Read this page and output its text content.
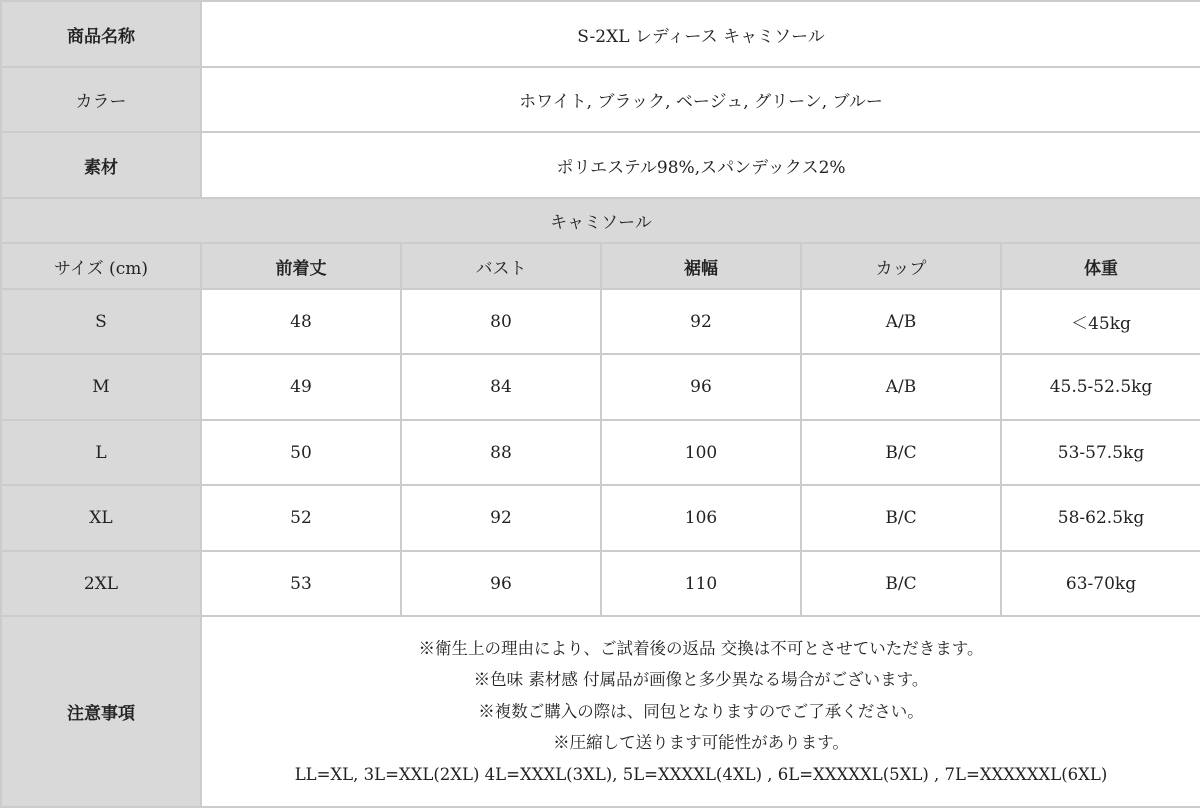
商品名称	S-2XL レディース キャミソール				
カラー	ホワイト, ブラック, ベージュ, グリーン, ブルー				
素材	ポリエステル98%,スパンデックス2%				
キャミソール					
サイズ (cm)	前着丈	バスト	裾幅	カップ	体重
S	48	80	92	A/B	＜45kg
M	49	84	96	A/B	45.5-52.5kg
L	50	88	100	B/C	53-57.5kg
XL	52	92	106	B/C	58-62.5kg
2XL	53	96	110	B/C	63-70kg
注意事項	※衛生上の理由により、ご試着後の返品 交換は不可とさせていただきます。
※色味 素材感 付属品が画像と多少異なる場合がございます。
※複数ご購入の際は、同包となりますのでご了承ください。
※圧縮して送ります可能性があります。
LL=XL, 3L=XXL(2XL) 4L=XXXL(3XL), 5L=XXXXL(4XL) , 6L=XXXXXL(5XL) , 7L=XXXXXXL(6XL)				
